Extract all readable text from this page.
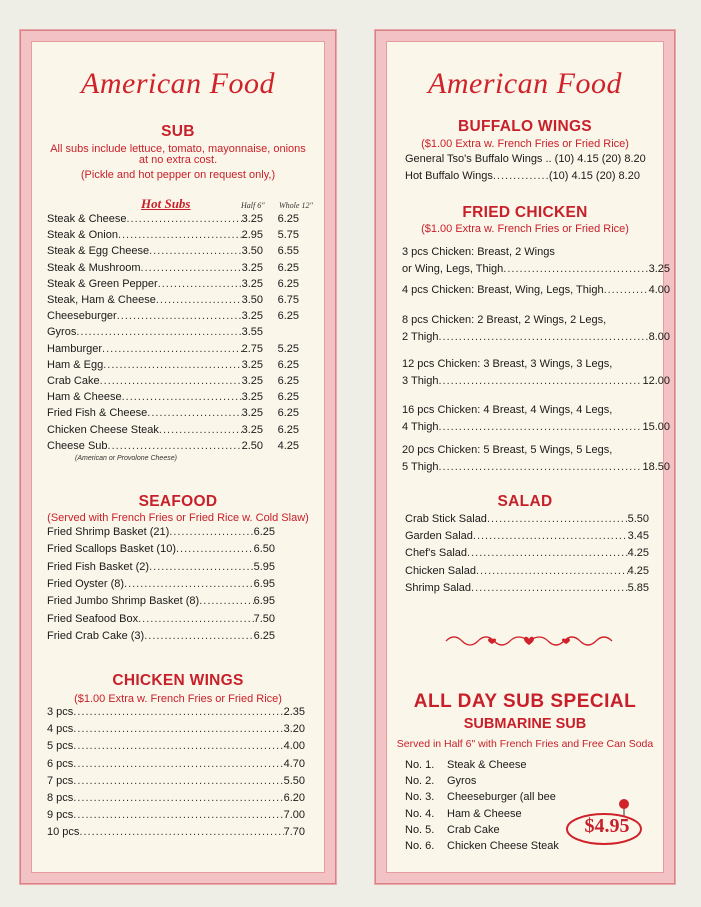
American Food
SUB
All subs include lettuce, tomato, mayonnaise, onions
at no extra cost.
(Pickle and hot pepper on request only,)
Hot Subs	Half 6" Whole 12"
Steak & Cheese .....	3.25	6.25
Steak & Onion .....	2.95	5.75
Steak & Egg Cheese .....	3.50	6.55
Steak & Mushroom .....	3.25	6.25
Steak & Green Pepper .....	3.25	6.25
Steak, Ham & Cheese .....	3.50	6.75
Cheeseburger .....	3.25	6.25
Gyros .....	3.55
Hamburger .....	2.75	5.25
Ham & Egg .....	3.25	6.25
Crab Cake .....	3.25	6.25
Ham & Cheese .....	3.25	6.25
Fried Fish & Cheese .....	3.25	6.25
Chicken Cheese Steak .....	3.25	6.25
Cheese Sub .....	2.50	4.25
(American or Provolone Cheese)
SEAFOOD
(Served with French Fries or Fried Rice w. Cold Slaw)
Fried Shrimp Basket (21) .....	6.25
Fried Scallops Basket (10) .....	6.50
Fried Fish Basket (2) .....	5.95
Fried Oyster (8) .....	6.95
Fried Jumbo Shrimp Basket (8) .....	6.95
Fried Seafood Box .....	7.50
Fried Crab Cake (3) .....	6.25
CHICKEN WINGS
($1.00 Extra w. French Fries or Fried Rice)
3 pcs .....	2.35
4 pcs .....	3.20
5 pcs .....	4.00
6 pcs .....	4.70
7 pcs .....	5.50
8 pcs .....	6.20
9 pcs .....	7.00
10 pcs .....	7.70
American Food
BUFFALO WINGS
($1.00 Extra w. French Fries or Fried Rice)
General Tso's Buffalo Wings .. (10) 4.15 (20) 8.20
Hot Buffalo Wings .....	(10) 4.15 (20) 8.20
FRIED CHICKEN
($1.00 Extra w. French Fries or Fried Rice)
3 pcs Chicken: Breast, 2 Wings
or Wing, Legs, Thigh .....	3.25
4 pcs Chicken: Breast, Wing, Legs, Thigh .....	4.00
8 pcs Chicken: 2 Breast, 2 Wings, 2 Legs,
2 Thigh .....	8.00
12 pcs Chicken: 3 Breast, 3 Wings, 3 Legs,
3 Thigh .....	12.00
16 pcs Chicken: 4 Breast, 4 Wings, 4 Legs,
4 Thigh .....	15.00
20 pcs Chicken: 5 Breast, 5 Wings, 5 Legs,
5 Thigh .....	18.50
SALAD
Crab Stick Salad .....	5.50
Garden Salad .....	3.45
Chef's Salad .....	4.25
Chicken Salad .....	4.25
Shrimp Salad .....	5.85
ALL DAY SUB SPECIAL
SUBMARINE SUB
Served in Half 6" with French Fries and Free Can Soda
No. 1. Steak & Cheese
No. 2. Gyros
No. 3. Cheeseburger (all bee
No. 4. Ham & Cheese
No. 5. Crab Cake
No. 6. Chicken Cheese Steak
$4.95
